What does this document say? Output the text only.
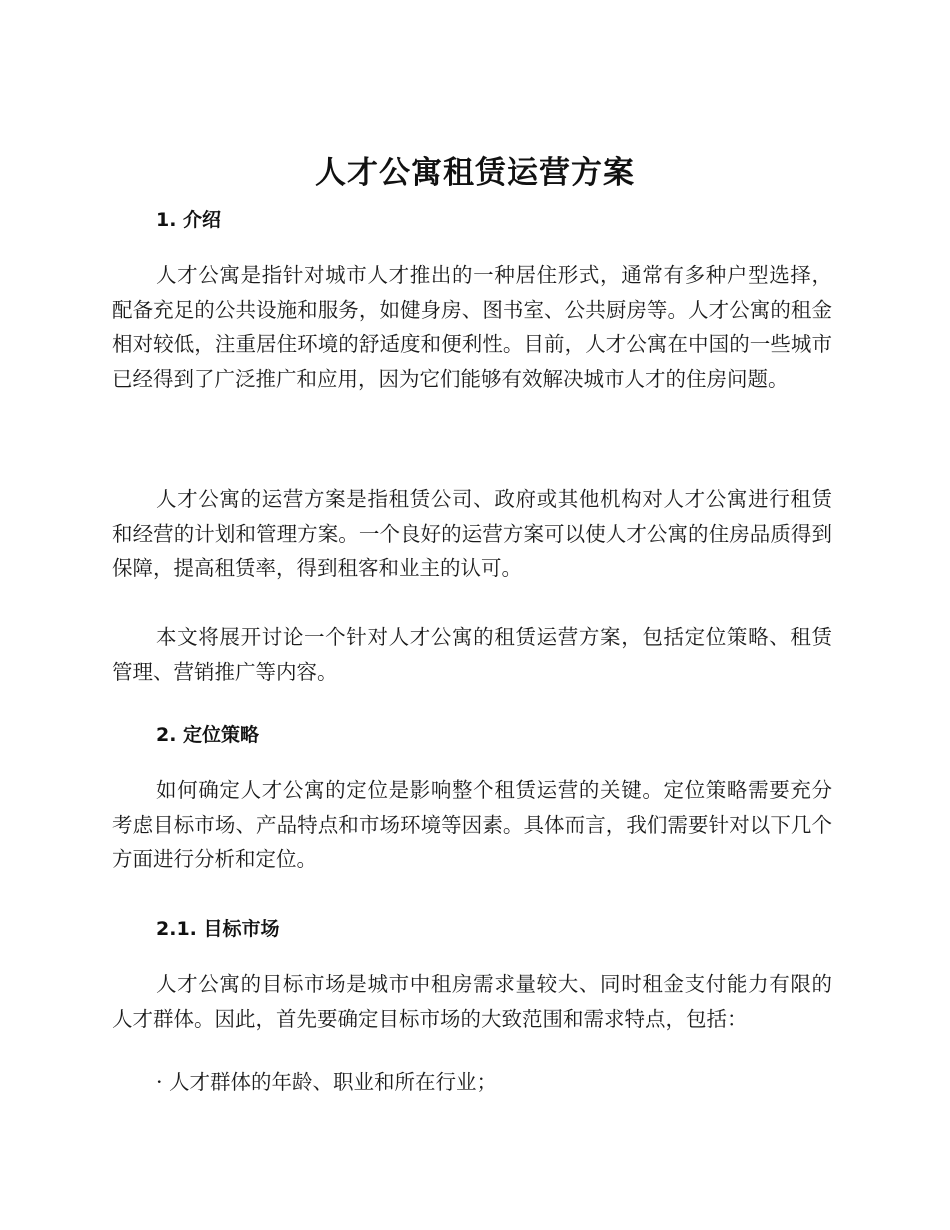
人才公寓租赁运营方案
1. 介绍

人才公寓是指针对城市人才推出的一种居住形式，通常有多种户型选择，配备充足的公共设施和服务，如健身房、图书室、公共厨房等。人才公寓的租金相对较低，注重居住环境的舒适度和便利性。目前，人才公寓在中国的一些城市已经得到了广泛推广和应用，因为它们能够有效解决城市人才的住房问题。

人才公寓的运营方案是指租赁公司、政府或其他机构对人才公寓进行租赁和经营的计划和管理方案。一个良好的运营方案可以使人才公寓的住房品质得到保障，提高租赁率，得到租客和业主的认可。

本文将展开讨论一个针对人才公寓的租赁运营方案，包括定位策略、租赁管理、营销推广等内容。

2. 定位策略

如何确定人才公寓的定位是影响整个租赁运营的关键。定位策略需要充分考虑目标市场、产品特点和市场环境等因素。具体而言，我们需要针对以下几个方面进行分析和定位。

2.1. 目标市场

人才公寓的目标市场是城市中租房需求量较大、同时租金支付能力有限的人才群体。因此，首先要确定目标市场的大致范围和需求特点，包括：

· 人才群体的年龄、职业和所在行业；
